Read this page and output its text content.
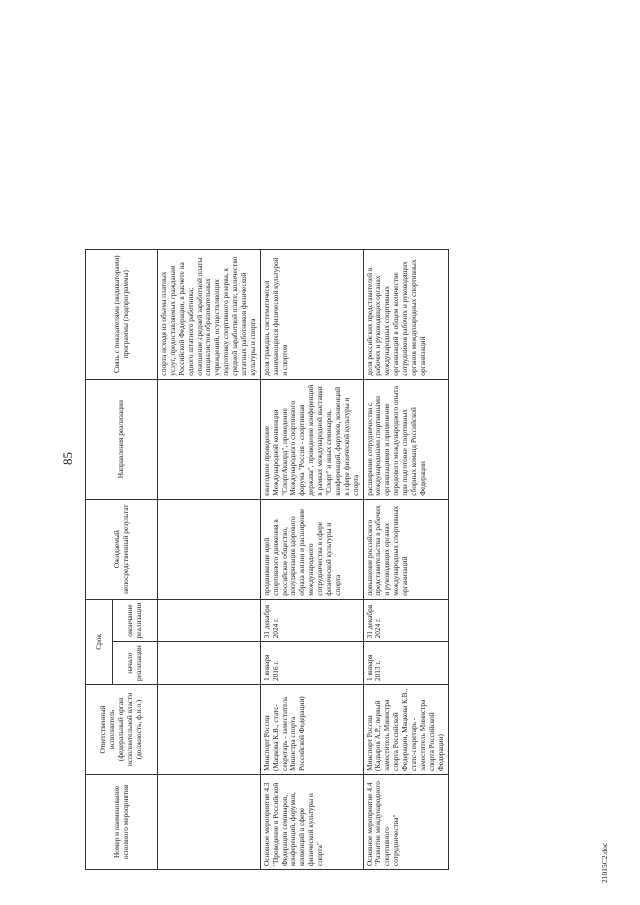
85
21015C2.doc
Номер и наименование основного мероприятия	Ответственный исполнитель (федеральный орган исполнительной власти (должность, ф.и.о.)	Срок		Ожидаемый непосредственный результат	Направления реализации	Связь с показателями (индикаторами) программы (подпрограммы)
		начало реализации	окончание реализации			
						спорта исходя из объема платных услуг, предоставляемых гражданам Российской Федерации, в расчете на одного штатного работника; отношение средней заработной платы специалистов образовательных учреждений, осуществляющих подготовку спортивного резерва, к средней заработной плате; количество штатных работников физической культуры и спорта
Основное мероприятие 4.3 "Проведение в Российской Федерации семинаров, конференций, форумов, конвенций в сфере физической культуры и спорта"	Минспорт России (Мацкова К.В., статс-секретарь - заместитель Министра спорта Российской Федерации)	1 января 2016 г.	31 декабря 2024 г.	продвижение идей спортивного движения в российское общество, популяризация здорового образа жизни и расширение международного сотрудничества в сфере физической культуры и спорта	ежегодное проведение Международной конвенции "СпортАккорд", проведение Международного спортивного форума "Россия - спортивная держава", проведение конференций в рамках международной выставки "Спорт" и иных семинаров, конференций, форумов, конвенций в сфере физической культуры и спорта	доля граждан, систематически занимающихся физической культурой и спортом
Основное мероприятие 4.4 "Развитие международного спортивного сотрудничества"	Минспорт России (Кадыров А.Р., первый заместитель Министра спорта Российской Федерации, Мацкова К.В., статс-секретарь - заместитель Министра спорта Российской Федерации)	1 января 2013 г.	31 декабря 2024 г.	повышение российского представительства в рабочих и руководящих органах международных спортивных организаций	расширение сотрудничества с международными спортивными организациями и применение передового международного опыта при подготовке спортивных сборных команд Российской Федерации	доля российских представителей в рабочих и руководящих органах международных спортивных организаций в общем количестве сотрудников рабочих и руководящих органов международных спортивных организаций
